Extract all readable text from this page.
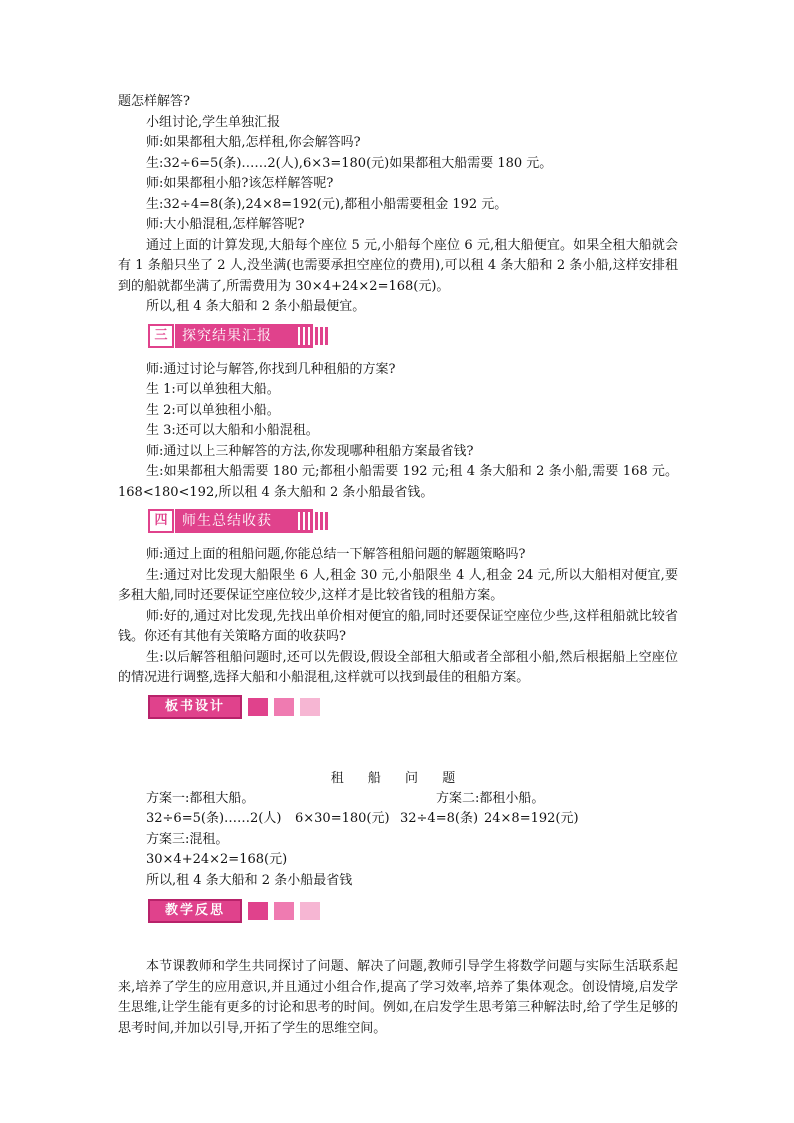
题怎样解答?

小组讨论,学生单独汇报

师:如果都租大船,怎样租,你会解答吗?

生:32÷6=5(条)……2(人),6×3=180(元)如果都租大船需要 180 元。

师:如果都租小船?该怎样解答呢?

生:32÷4=8(条),24×8=192(元),都租小船需要租金 192 元。

师:大小船混租,怎样解答呢?

通过上面的计算发现,大船每个座位 5 元,小船每个座位 6 元,租大船便宜。如果全租大船就会有 1 条船只坐了 2 人,没坐满(也需要承担空座位的费用),可以租 4 条大船和 2 条小船,这样安排租到的船就都坐满了,所需费用为 30×4+24×2=168(元)。

所以,租 4 条大船和 2 条小船最便宜。

三	探究结果汇报

师:通过讨论与解答,你找到几种租船的方案?

生 1:可以单独租大船。

生 2:可以单独租小船。

生 3:还可以大船和小船混租。

师:通过以上三种解答的方法,你发现哪种租船方案最省钱?

生:如果都租大船需要 180 元;都租小船需要 192 元;租 4 条大船和 2 条小船,需要 168 元。168<180<192,所以租 4 条大船和 2 条小船最省钱。

四	师生总结收获

师:通过上面的租船问题,你能总结一下解答租船问题的解题策略吗?

生:通过对比发现大船限坐 6 人,租金 30 元,小船限坐 4 人,租金 24 元,所以大船相对便宜,要多租大船,同时还要保证空座位较少,这样才是比较省钱的租船方案。

师:好的,通过对比发现,先找出单价相对便宜的船,同时还要保证空座位少些,这样租船就比较省钱。你还有其他有关策略方面的收获吗?

生:以后解答租船问题时,还可以先假设,假设全部租大船或者全部租小船,然后根据船上空座位的情况进行调整,选择大船和小船混租,这样就可以找到最佳的租船方案。

板书设计
租 船 问 题
方案一:都租大船。	方案二:都租小船。
32÷6=5(条)……2(人) 6×30=180(元) 32÷4=8(条) 24×8=192(元)
方案三:混租。
30×4+24×2=168(元)
所以,租 4 条大船和 2 条小船最省钱
教学反思

本节课教师和学生共同探讨了问题、解决了问题,教师引导学生将数学问题与实际生活联系起来,培养了学生的应用意识,并且通过小组合作,提高了学习效率,培养了集体观念。创设情境,启发学生思维,让学生能有更多的讨论和思考的时间。例如,在启发学生思考第三种解法时,给了学生足够的思考时间,并加以引导,开拓了学生的思维空间。
